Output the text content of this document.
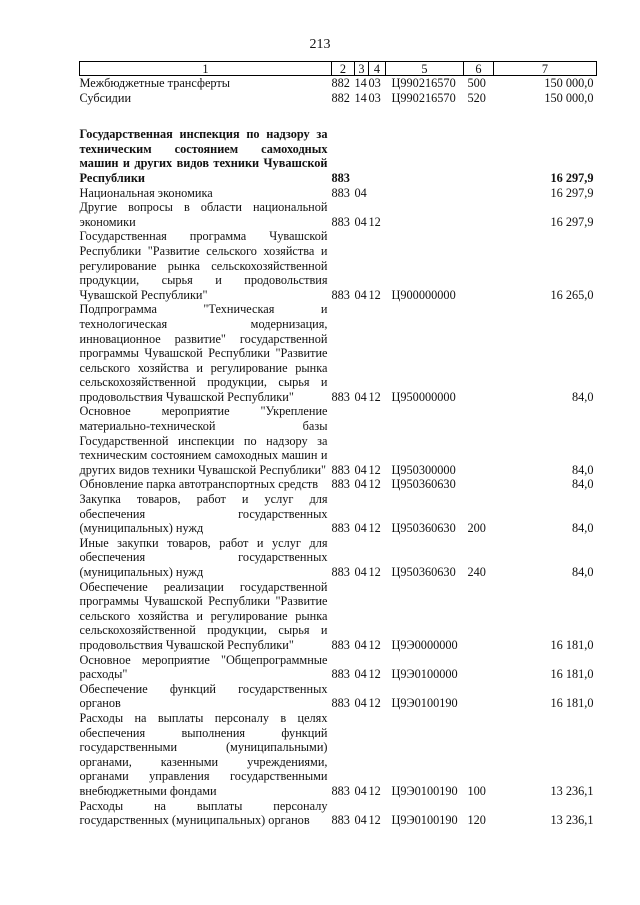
213
1	2	3	4	5	6	7
Межбюджетные трансферты	882	14	03	Ц990216570	500	150 000,0
Субсидии	882	14	03	Ц990216570	520	150 000,0

Государственная инспекция по надзору за техническим состоянием самоходных машин и других видов техники Чувашской Республики	883					16 297,9
Национальная экономика	883	04				16 297,9
Другие вопросы в области национальной экономики	883	04	12			16 297,9
Государственная программа Чувашской Республики "Развитие сельского хозяйства и регулирование рынка сельскохозяйственной продукции, сырья и продовольствия Чувашской Республики"	883	04	12	Ц900000000		16 265,0
Подпрограмма "Техническая и технологическая модернизация, инновационное развитие" государственной программы Чувашской Республики "Развитие сельского хозяйства и регулирование рынка сельскохозяйственной продукции, сырья и продовольствия Чувашской Республики"	883	04	12	Ц950000000		84,0
Основное мероприятие "Укрепление материально-технической базы Государственной инспекции по надзору за техническим состоянием самоходных машин и других видов техники Чувашской Республики"	883	04	12	Ц950300000		84,0
Обновление парка автотранспортных средств	883	04	12	Ц950360630		84,0
Закупка товаров, работ и услуг для обеспечения государственных (муниципальных) нужд	883	04	12	Ц950360630	200	84,0
Иные закупки товаров, работ и услуг для обеспечения государственных (муниципальных) нужд	883	04	12	Ц950360630	240	84,0
Обеспечение реализации государственной программы Чувашской Республики "Развитие сельского хозяйства и регулирование рынка сельскохозяйственной продукции, сырья и продовольствия Чувашской Республики"	883	04	12	Ц9Э0000000		16 181,0
Основное мероприятие "Общепрограммные расходы"	883	04	12	Ц9Э0100000		16 181,0
Обеспечение функций государственных органов	883	04	12	Ц9Э0100190		16 181,0
Расходы на выплаты персоналу в целях обеспечения выполнения функций государственными (муниципальными) органами, казенными учреждениями, органами управления государственными внебюджетными фондами	883	04	12	Ц9Э0100190	100	13 236,1
Расходы на выплаты персоналу государственных (муниципальных) органов	883	04	12	Ц9Э0100190	120	13 236,1
